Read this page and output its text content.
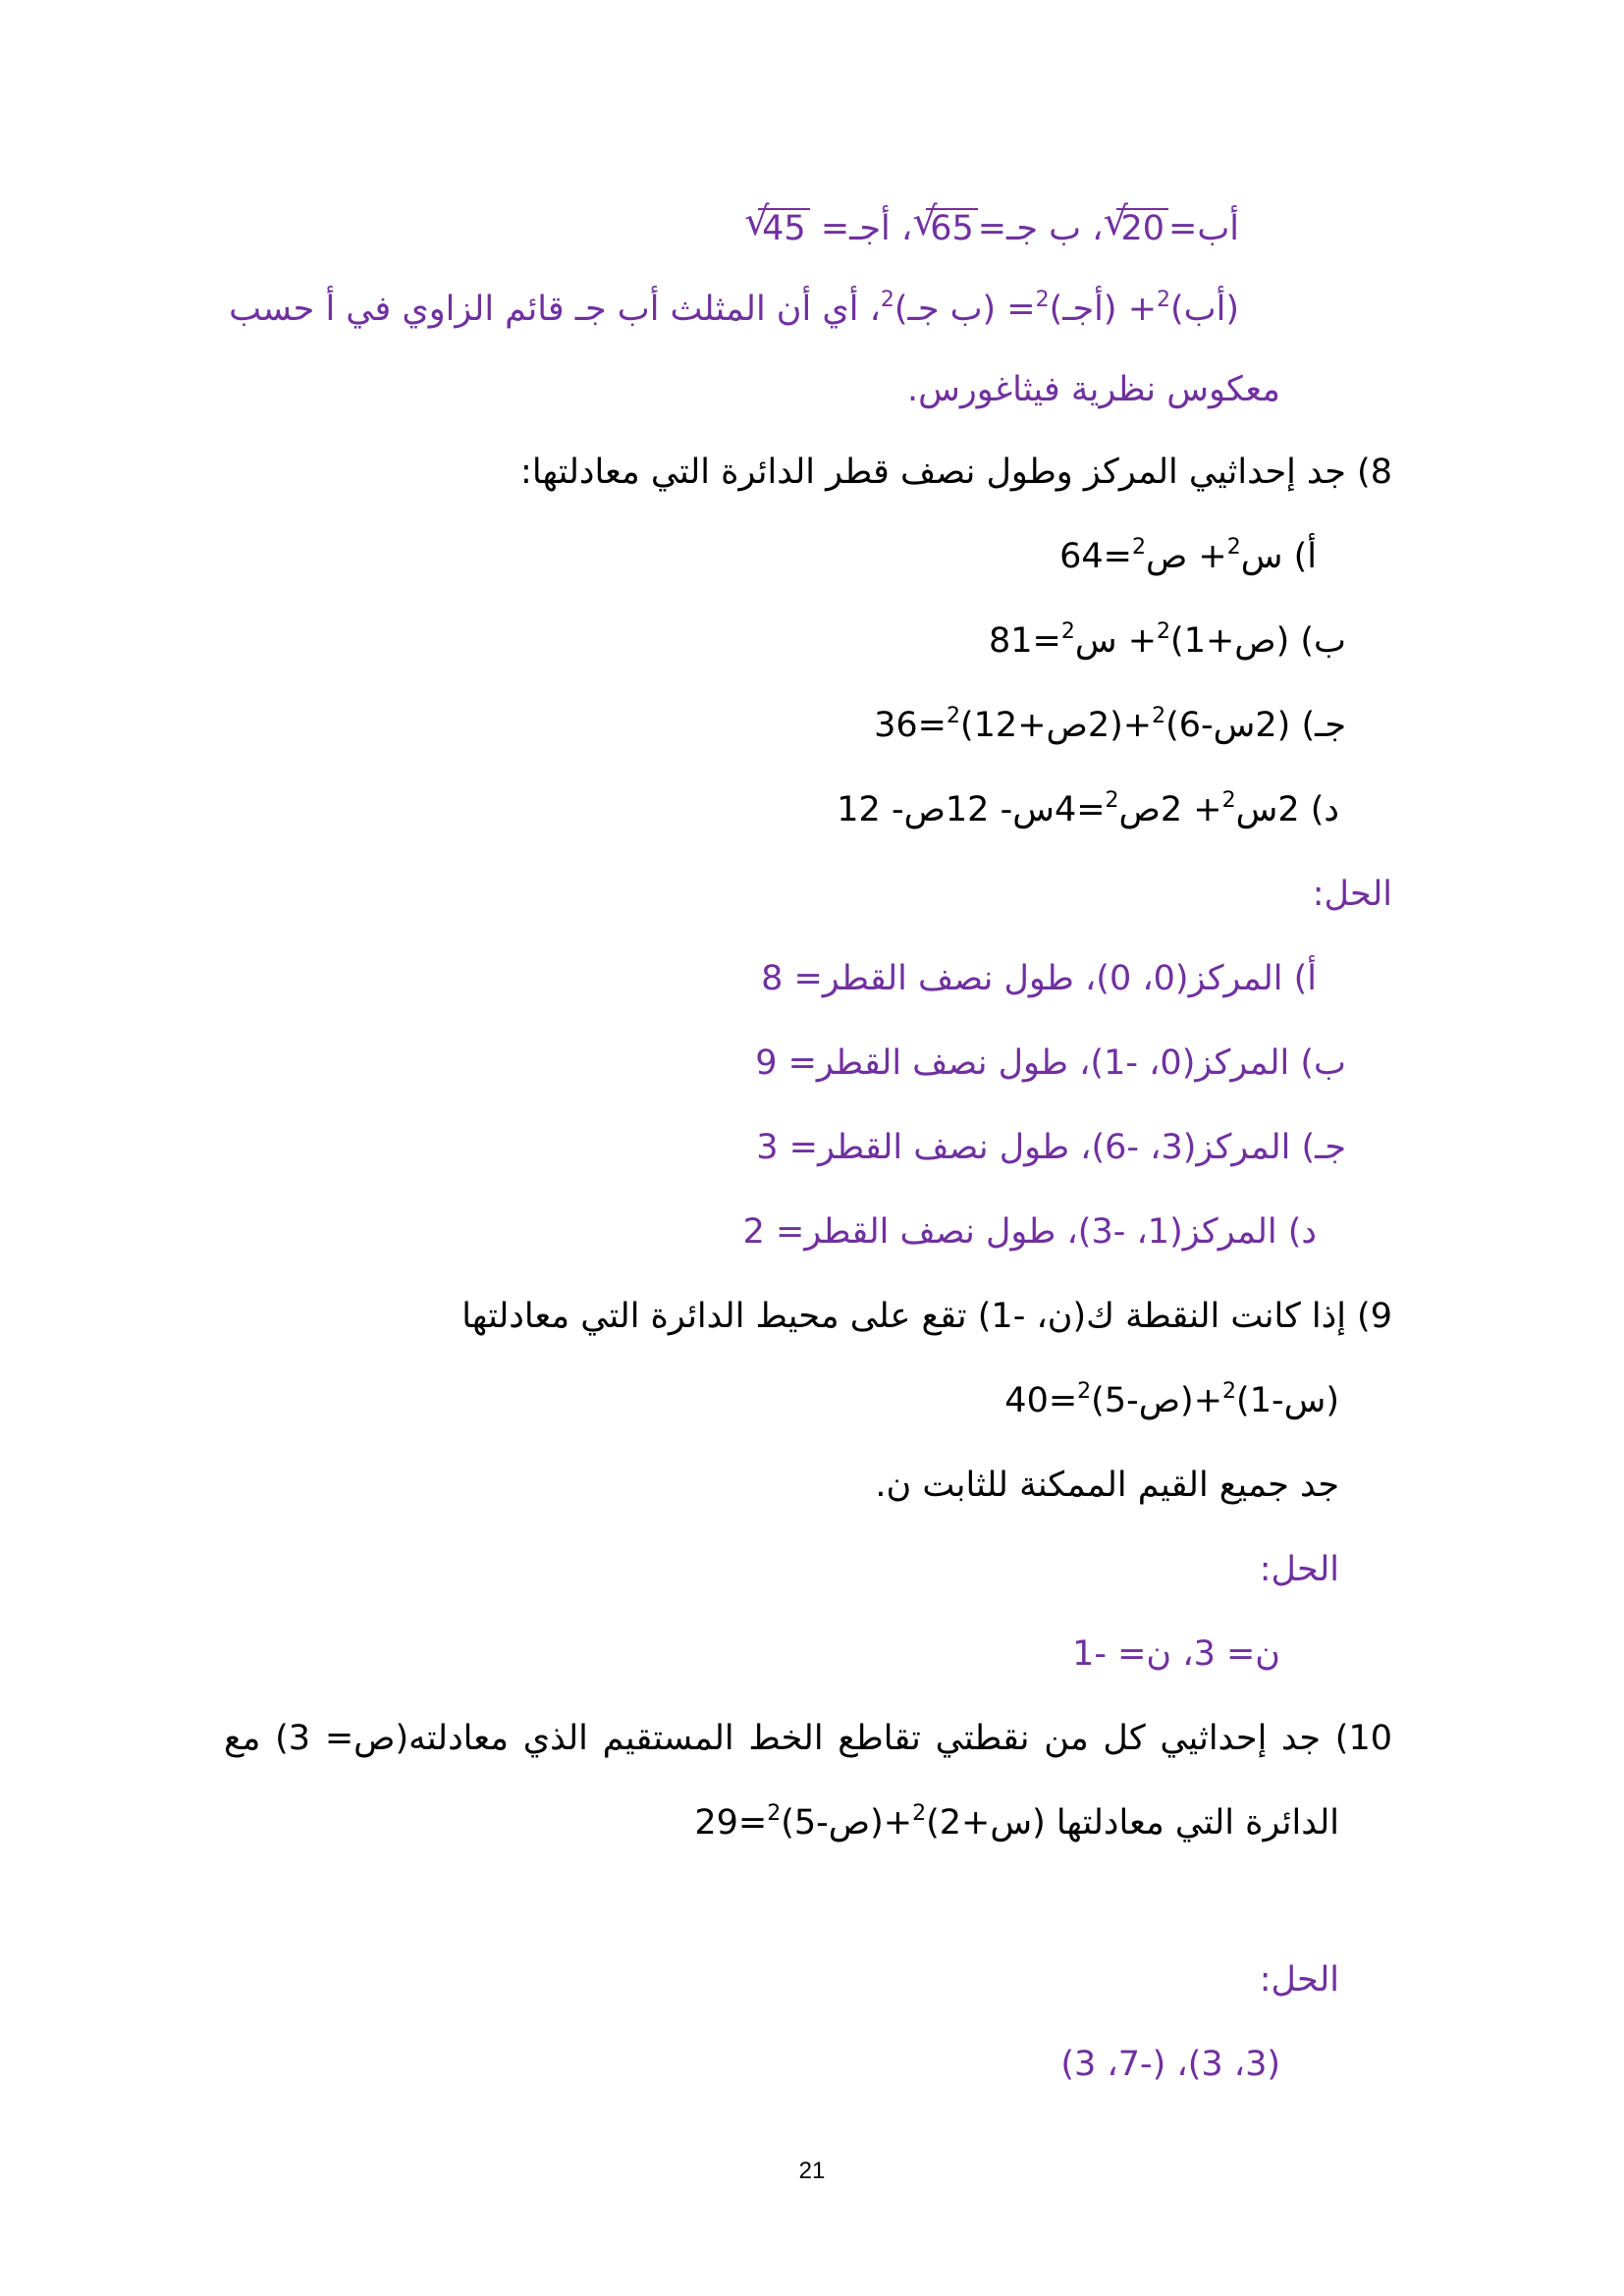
أب=
√
20، ب جـ=
√
65، أجـ=
√
45
(أب)$^2$+ (أجـ)$^2$= (ب جـ)$^2$، أي أن المثلث أب جـ قائم الزاوي في أ حسب
معكوس نظرية فيثاغورس.
8) جد إحداثيي المركز وطول نصف قطر الدائرة التي معادلتها:
أ) س$^2$+ ص$^2$=64
ب) (ص+1)$^2$+ س$^2$=81
جـ) (2س-6)$^2$+(2ص+12)$^2$=36
د) 2س$^2$+ 2ص$^2$=4س- 12ص- 12
الحل:
أ) المركز(0، 0)، طول نصف القطر= 8
ب) المركز(0، -1)، طول نصف القطر= 9
جـ) المركز(3، -6)، طول نصف القطر= 3
د) المركز(1، -3)، طول نصف القطر= 2
9) إذا كانت النقطة ك(ن، -1) تقع على محيط الدائرة التي معادلتها
(س-1)$^2$+(ص-5)$^2$=40
جد جميع القيم الممكنة للثابت ن.
الحل:
ن= 3، ن= -1
10) جد إحداثيي كل من نقطتي تقاطع الخط المستقيم الذي معادلته(ص= 3) مع
الدائرة التي معادلتها (س+2)$^2$+(ص-5)$^2$=29
الحل:
(3، 3)، (-7، 3)
21
